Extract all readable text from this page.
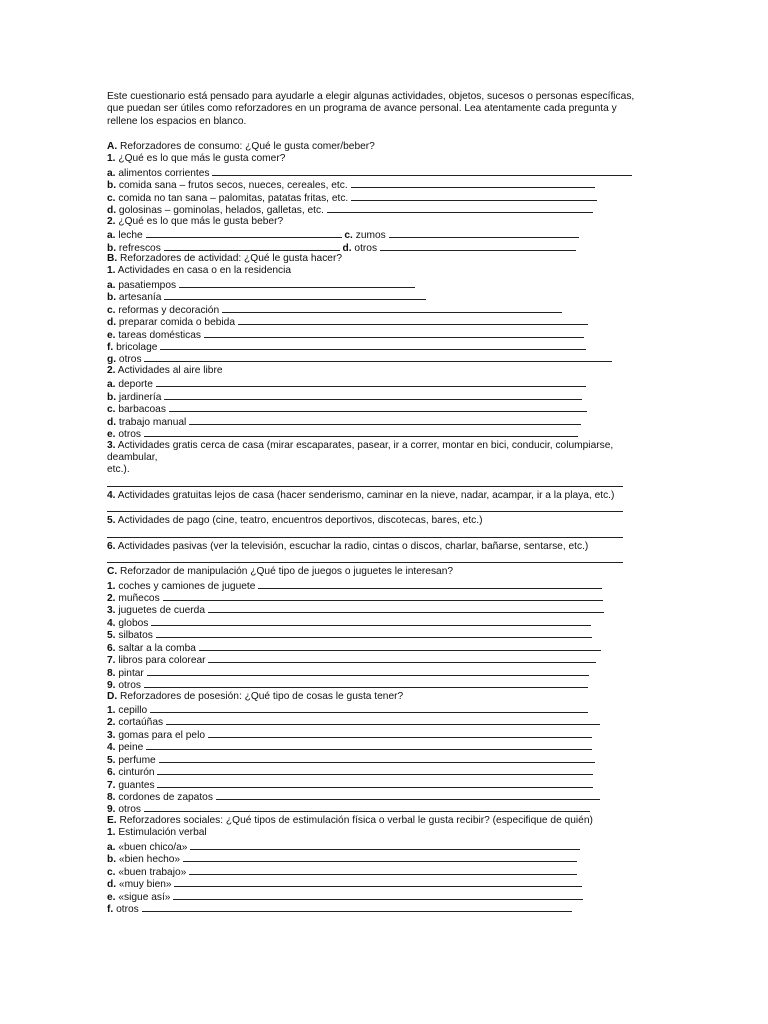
Este cuestionario está pensado para ayudarle a elegir algunas actividades, objetos, sucesos o personas específicas,
que puedan ser útiles como reforzadores en un programa de avance personal. Lea atentamente cada pregunta y
rellene los espacios en blanco.
A. Reforzadores de consumo: ¿Qué le gusta comer/beber?
1. ¿Qué es lo que más le gusta comer?
a. alimentos corrientes
b. comida sana – frutos secos, nueces, cereales, etc.
c. comida no tan sana – palomitas, patatas fritas, etc.
d. golosinas – gominolas, helados, galletas, etc.
2. ¿Qué es lo que más le gusta beber?
a. leche	c. zumos
b. refrescos	d. otros
B. Reforzadores de actividad: ¿Qué le gusta hacer?
1. Actividades en casa o en la residencia
a. pasatiempos
b. artesanía
c. reformas y decoración
d. preparar comida o bebida
e. tareas domésticas
f. bricolage
g. otros
2. Actividades al aire libre
a. deporte
b. jardinería
c. barbacoas
d. trabajo manual
e. otros
3. Actividades gratis cerca de casa (mirar escaparates, pasear, ir a correr, montar en bici, conducir, columpiarse,
deambular,
etc.).
4. Actividades gratuitas lejos de casa (hacer senderismo, caminar en la nieve, nadar, acampar, ir a la playa, etc.)
5. Actividades de pago (cine, teatro, encuentros deportivos, discotecas, bares, etc.)
6. Actividades pasivas (ver la televisión, escuchar la radio, cintas o discos, charlar, bañarse, sentarse, etc.)
C. Reforzador de manipulación ¿Qué tipo de juegos o juguetes le interesan?
1. coches y camiones de juguete
2. muñecos
3. juguetes de cuerda
4. globos
5. silbatos
6. saltar a la comba
7. libros para colorear
8. pintar
9. otros
D. Reforzadores de posesión: ¿Qué tipo de cosas le gusta tener?
1. cepillo
2. cortaúñas
3. gomas para el pelo
4. peine
5. perfume
6. cinturón
7. guantes
8. cordones de zapatos
9. otros
E. Reforzadores sociales: ¿Qué tipos de estimulación física o verbal le gusta recibir? (especifique de quién)
1. Estimulación verbal
a. «buen chico/a»
b. «bien hecho»
c. «buen trabajo»
d. «muy bien»
e. «sigue así»
f. otros
